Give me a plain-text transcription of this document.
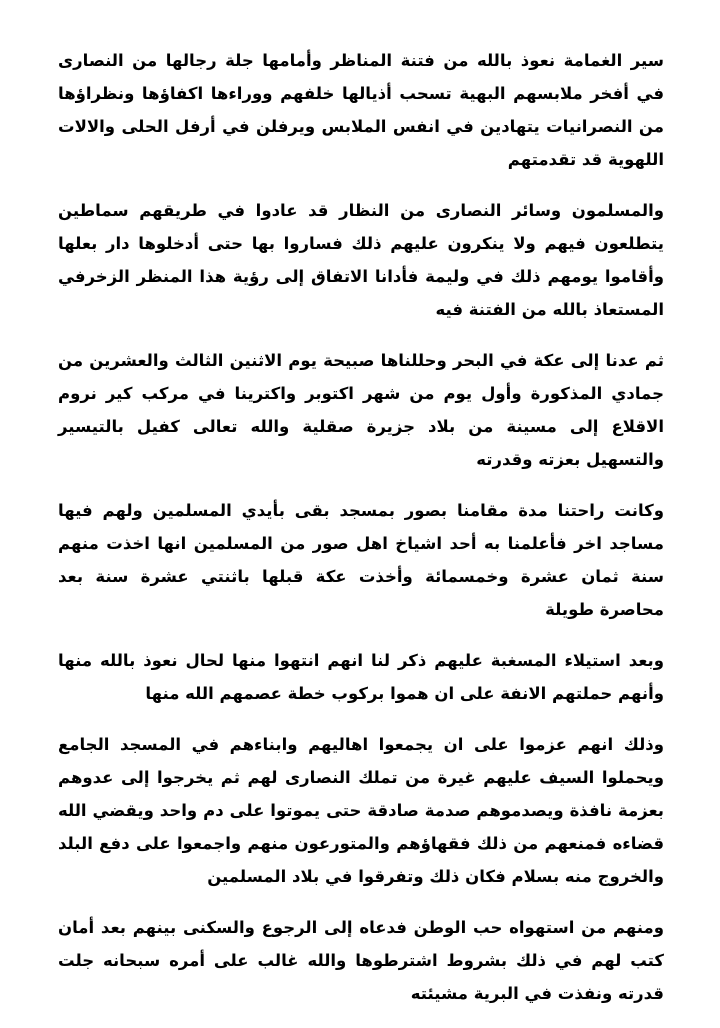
سير الغمامة نعوذ بالله من فتنة المناظر وأمامها جلة رجالها من النصارى في أفخر ملابسهم البهية تسحب أذيالها خلفهم ووراءها اكفاؤها ونظراؤها من النصرانيات يتهادين في انفس الملابس ويرفلن في أرفل الحلى والالات اللهوية قد تقدمتهم

والمسلمون وسائر النصارى من النظار قد عادوا في طريقهم سماطين يتطلعون فيهم ولا ينكرون عليهم ذلك فساروا بها حتى أدخلوها دار بعلها وأقاموا يومهم ذلك في وليمة فأدانا الاتفاق إلى رؤية هذا المنظر الزخرفي المستعاذ بالله من الفتنة فيه

ثم عدنا إلى عكة في البحر وحللناها صبيحة يوم الاثنين الثالث والعشرين من جمادي المذكورة وأول يوم من شهر اكتوبر واكترينا في مركب كير نروم الاقلاع إلى مسينة من بلاد جزيرة صقلية والله تعالى كفيل بالتيسير والتسهيل بعزته وقدرته

وكانت راحتنا مدة مقامنا بصور بمسجد بقى بأيدي المسلمين ولهم فيها مساجد اخر فأعلمنا به أحد اشياخ اهل صور من المسلمين انها اخذت منهم سنة ثمان عشرة وخمسمائة وأخذت عكة قبلها باثنتي عشرة سنة بعد محاصرة طويلة

وبعد استيلاء المسغبة عليهم ذكر لنا انهم انتهوا منها لحال نعوذ بالله منها وأنهم حملتهم الانفة على ان هموا بركوب خطة عصمهم الله منها

وذلك انهم عزموا على ان يجمعوا اهاليهم وابناءهم في المسجد الجامع ويحملوا السيف عليهم غيرة من تملك النصارى لهم ثم يخرجوا إلى عدوهم بعزمة نافذة ويصدموهم صدمة صادقة حتى يموتوا على دم واحد ويقضي الله قضاءه فمنعهم من ذلك فقهاؤهم والمتورعون منهم واجمعوا على دفع البلد والخروج منه بسلام فكان ذلك وتفرقوا في بلاد المسلمين

ومنهم من استهواه حب الوطن فدعاه إلى الرجوع والسكنى بينهم بعد أمان كتب لهم في ذلك بشروط اشترطوها والله غالب على أمره سبحانه جلت قدرته ونفذت في البرية مشيئته
